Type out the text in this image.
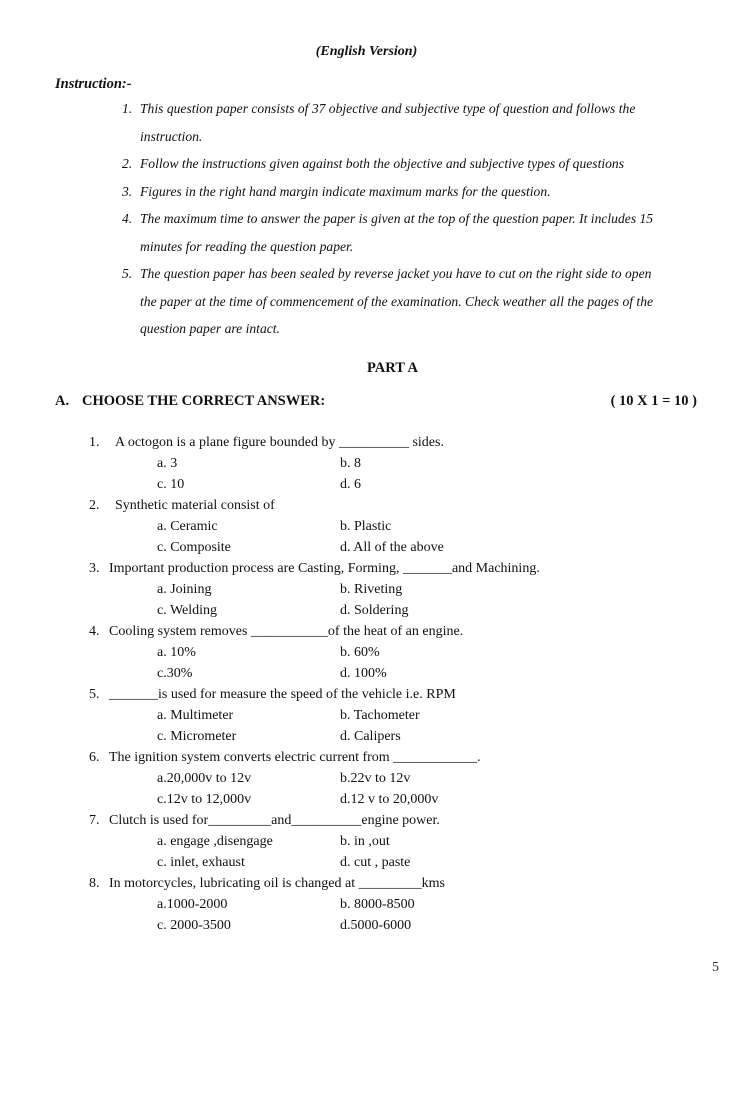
(English Version)
Instruction:-
1. This question paper consists of 37 objective and subjective type of question and follows the
instruction.
2. Follow the instructions given against both the objective and subjective types of questions
3. Figures in the right hand margin indicate maximum marks for the question.
4. The maximum time to answer the paper is given at the top of the question paper. It includes 15
minutes for reading the question paper.
5. The question paper has been sealed by reverse jacket you have to cut on the right side to open
the paper at the time of commencement of the examination. Check weather all the pages of the
question paper are intact.
PART A
A. CHOOSE THE CORRECT ANSWER:	( 10 X 1 = 10 )
1. A octogon is a plane figure bounded by __________ sides.
a. 3	b. 8
c. 10	d. 6
2. Synthetic material consist of
a. Ceramic	b. Plastic
c. Composite	d. All of the above
3. Important production process are Casting, Forming, _______and Machining.
a. Joining	b. Riveting
c. Welding	d. Soldering
4. Cooling system removes ___________of the heat of an engine.
a. 10%	b. 60%
c.30%	d. 100%
5. _______is used for measure the speed of the vehicle i.e. RPM
a. Multimeter	b. Tachometer
c. Micrometer	d. Calipers
6. The ignition system converts electric current from ____________.
a.20,000v to 12v	b.22v to 12v
c.12v to 12,000v	d.12 v to 20,000v
7. Clutch is used for_________and__________engine power.
a. engage ,disengage	b. in ,out
c. inlet, exhaust	d. cut , paste
8. In motorcycles, lubricating oil is changed at _________kms
a.1000-2000	b. 8000-8500
c. 2000-3500	d.5000-6000
5
